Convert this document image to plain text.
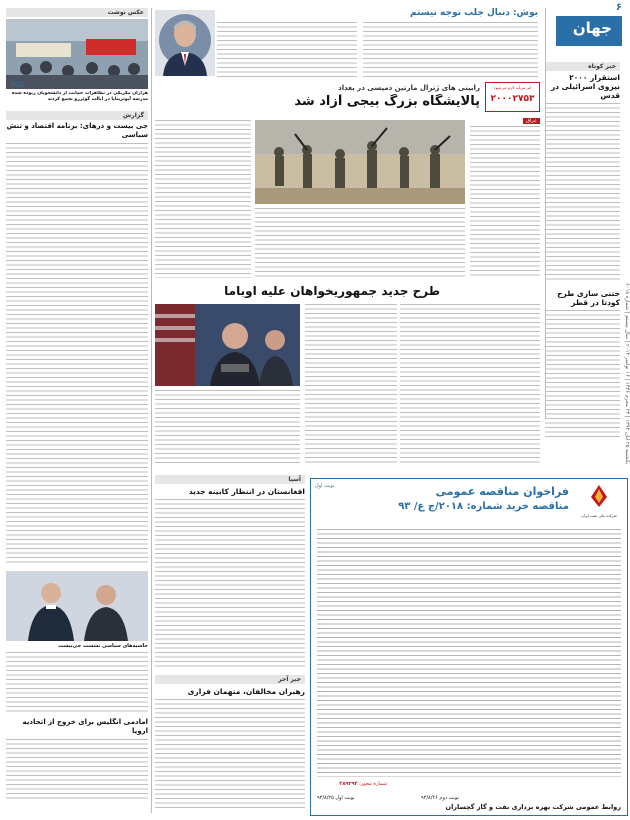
۶
جهان
یکشنبه ۲۵ آبان ۱۳۹۳ | ۲۳ محرم ۱۴۳۶ | ۱۶ نوامبر ۲۰۱۴ | سال بیستم | شماره ۶۰۱۸
خبر کوتاه
استقرار ۲۰۰۰ نیروی اسرائیلی در قدس
ختنی سازی طرح کودتا در قطر
بوش: دنبال جلب توجه نیستم
رابینی های ژنرال مارتین دمپسی در بغداد
پالایشگاه بزرگ بیجی آزاد شد
ابر می‌آید لازم می‌شود
۲۰۰۰۲۷۵۳
عراق
طرح جدید جمهوریخواهان علیه اوباما
عکس نوشت
SOS
هزاران مکزیکی در تظاهرات حمایت از دانشجویان ربوده شده مدرسه آیوتزیناپا در ایالت گوئررو تجمع کردند
گزارش
جی بیست و درهای: برنامه اقتصاد و تنش سیاسی
حاشیه‌های سیاسی نشست جی‌بیست
امادمی انگلیس برای خروج از اتحادیه اروپا
آسیا
افغانستان در انتظار کابینه جدید
خبر آخر
رهبران مخالفان، متهمان فراری
نوبت اول	فراخوان مناقصه عمومی
مناقصه خرید شماره: ۲۰۱۸/ج ع/ ۹۳
شرکت ملی نفت ایران
شماره مجوز: ۲۸۹۳۹۴
نوبت اول ۹۳/۸/۲۵	نوبت دوم ۹۳/۸/۲۶
روابط عمومی شرکت بهره برداری نفت و گاز گچساران
